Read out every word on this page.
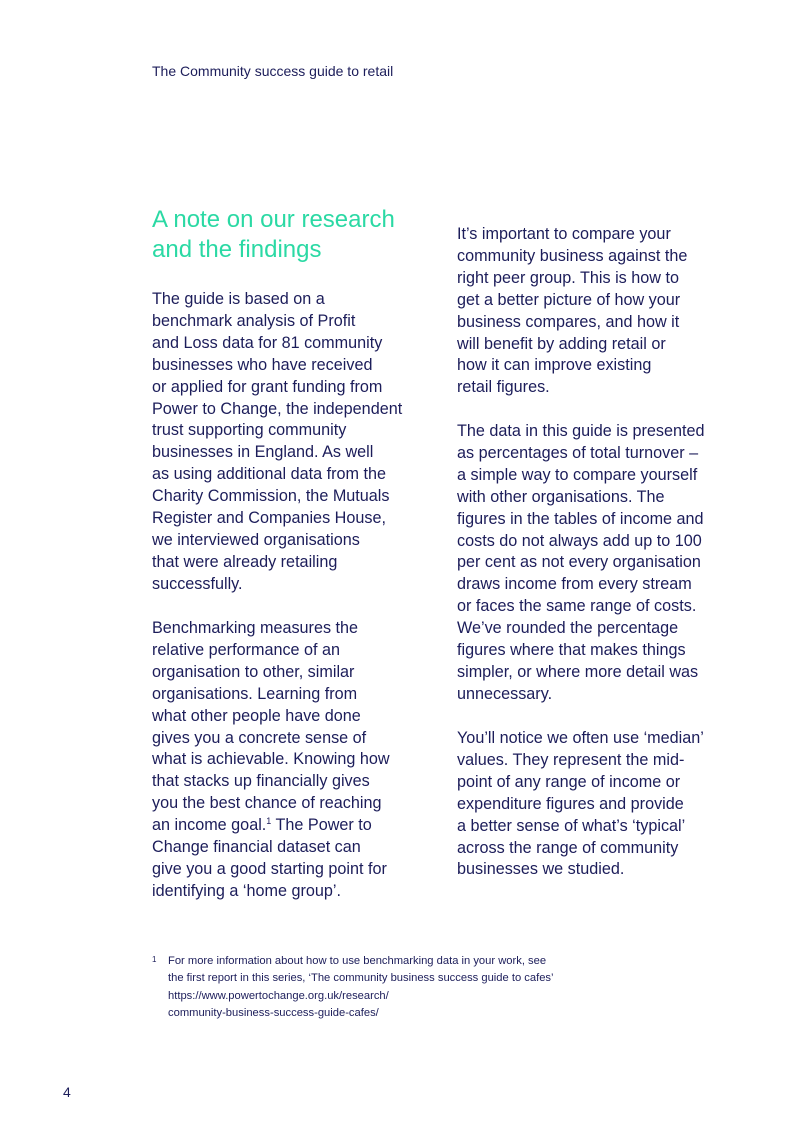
The Community success guide to retail
A note on our research
and the findings

The guide is based on a
benchmark analysis of Profit
and Loss data for 81 community
businesses who have received
or applied for grant funding from
Power to Change, the independent
trust supporting community
businesses in England. As well
as using additional data from the
Charity Commission, the Mutuals
Register and Companies House,
we interviewed organisations
that were already retailing
successfully.

Benchmarking measures the
relative performance of an
organisation to other, similar
organisations. Learning from
what other people have done
gives you a concrete sense of
what is achievable. Knowing how
that stacks up financially gives
you the best chance of reaching
an income goal.$^1$ The Power to
Change financial dataset can
give you a good starting point for
identifying a ‘home group’.

It’s important to compare your
community business against the
right peer group. This is how to
get a better picture of how your
business compares, and how it
will benefit by adding retail or
how it can improve existing
retail figures.

The data in this guide is presented
as percentages of total turnover –
a simple way to compare yourself
with other organisations. The
figures in the tables of income and
costs do not always add up to 100
per cent as not every organisation
draws income from every stream
or faces the same range of costs.
We’ve rounded the percentage
figures where that makes things
simpler, or where more detail was
unnecessary.

You’ll notice we often use ‘median’
values. They represent the mid-
point of any range of income or
expenditure figures and provide
a better sense of what’s ‘typical’
across the range of community
businesses we studied.

1 For more information about how to use benchmarking data in your work, see
the first report in this series, ‘The community business success guide to cafes’
https://www.powertochange.org.uk/research/
community-business-success-guide-cafes/
4
